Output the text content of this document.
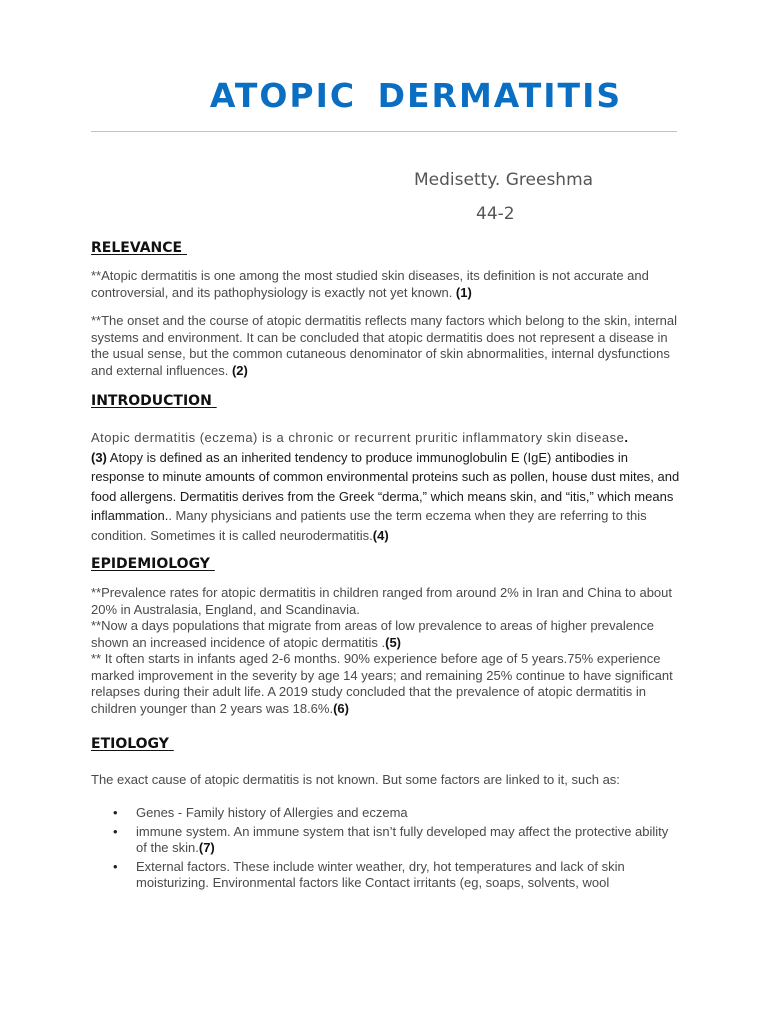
ATOPIC DERMATITIS
Medisetty. Greeshma
44-2
RELEVANCE

**Atopic dermatitis is one among the most studied skin diseases, its definition is not accurate and controversial, and its pathophysiology is exactly not yet known. (1)

**The onset and the course of atopic dermatitis reflects many factors which belong to the skin, internal systems and environment. It can be concluded that atopic dermatitis does not represent a disease in the usual sense, but the common cutaneous denominator of skin abnormalities, internal dysfunctions and external influences. (2)

INTRODUCTION

Atopic dermatitis (eczema) is a chronic or recurrent pruritic inflammatory skin disease.
(3) Atopy is defined as an inherited tendency to produce immunoglobulin E (IgE) antibodies in response to minute amounts of common environmental proteins such as pollen, house dust mites, and food allergens. Dermatitis derives from the Greek “derma,” which means skin, and “itis,” which means inflammation.. Many physicians and patients use the term eczema when they are referring to this condition. Sometimes it is called neurodermatitis.(4)

EPIDEMIOLOGY

**Prevalence rates for atopic dermatitis in children ranged from around 2% in Iran and China to about 20% in Australasia, England, and Scandinavia.
**Now a days populations that migrate from areas of low prevalence to areas of higher prevalence shown an increased incidence of atopic dermatitis .(5)
** It often starts in infants aged 2-6 months. 90% experience before age of 5 years.75% experience marked improvement in the severity by age 14 years; and remaining 25% continue to have significant relapses during their adult life. A 2019 study concluded that the prevalence of atopic dermatitis in children younger than 2 years was 18.6%.(6)

ETIOLOGY

The exact cause of atopic dermatitis is not known. But some factors are linked to it, such as:

• Genes - Family history of Allergies and eczema
• immune system. An immune system that isn’t fully developed may affect the protective ability of the skin.(7)
• External factors. These include winter weather, dry, hot temperatures and lack of skin moisturizing. Environmental factors like Contact irritants (eg, soaps, solvents, wool
